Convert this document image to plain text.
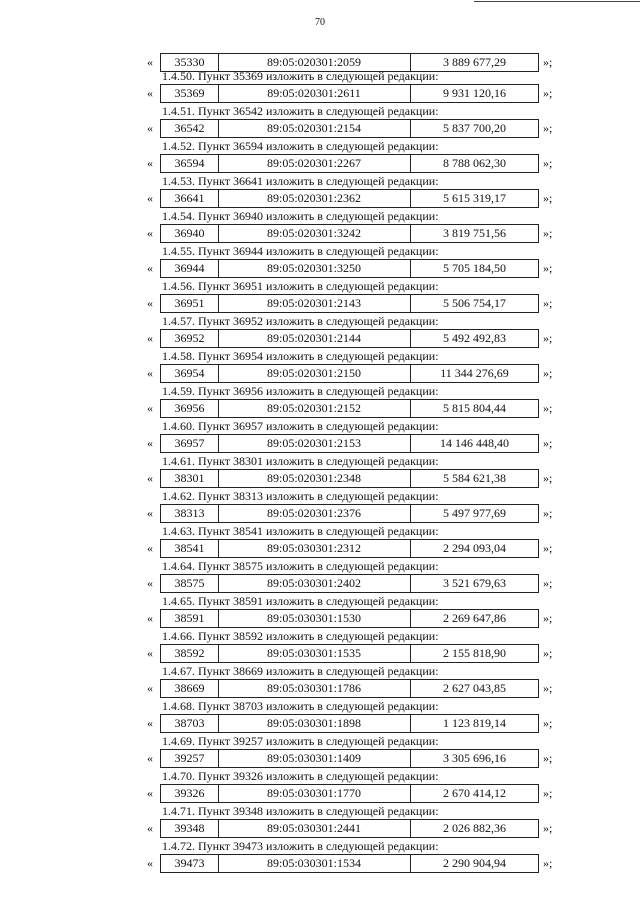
70
«	35330	89:05:020301:2059	3 889 677,29	»;
1.4.50. Пункт 35369 изложить в следующей редакции:
«	35369	89:05:020301:2611	9 931 120,16	»;
1.4.51. Пункт 36542 изложить в следующей редакции:
«	36542	89:05:020301:2154	5 837 700,20	»;
1.4.52. Пункт 36594 изложить в следующей редакции:
«	36594	89:05:020301:2267	8 788 062,30	»;
1.4.53. Пункт 36641 изложить в следующей редакции:
«	36641	89:05:020301:2362	5 615 319,17	»;
1.4.54. Пункт 36940 изложить в следующей редакции:
«	36940	89:05:020301:3242	3 819 751,56	»;
1.4.55. Пункт 36944 изложить в следующей редакции:
«	36944	89:05:020301:3250	5 705 184,50	»;
1.4.56. Пункт 36951 изложить в следующей редакции:
«	36951	89:05:020301:2143	5 506 754,17	»;
1.4.57. Пункт 36952 изложить в следующей редакции:
«	36952	89:05:020301:2144	5 492 492,83	»;
1.4.58. Пункт 36954 изложить в следующей редакции:
«	36954	89:05:020301:2150	11 344 276,69	»;
1.4.59. Пункт 36956 изложить в следующей редакции:
«	36956	89:05:020301:2152	5 815 804,44	»;
1.4.60. Пункт 36957 изложить в следующей редакции:
«	36957	89:05:020301:2153	14 146 448,40	»;
1.4.61. Пункт 38301 изложить в следующей редакции:
«	38301	89:05:020301:2348	5 584 621,38	»;
1.4.62. Пункт 38313 изложить в следующей редакции:
«	38313	89:05:020301:2376	5 497 977,69	»;
1.4.63. Пункт 38541 изложить в следующей редакции:
«	38541	89:05:030301:2312	2 294 093,04	»;
1.4.64. Пункт 38575 изложить в следующей редакции:
«	38575	89:05:030301:2402	3 521 679,63	»;
1.4.65. Пункт 38591 изложить в следующей редакции:
«	38591	89:05:030301:1530	2 269 647,86	»;
1.4.66. Пункт 38592 изложить в следующей редакции:
«	38592	89:05:030301:1535	2 155 818,90	»;
1.4.67. Пункт 38669 изложить в следующей редакции:
«	38669	89:05:030301:1786	2 627 043,85	»;
1.4.68. Пункт 38703 изложить в следующей редакции:
«	38703	89:05:030301:1898	1 123 819,14	»;
1.4.69. Пункт 39257 изложить в следующей редакции:
«	39257	89:05:030301:1409	3 305 696,16	»;
1.4.70. Пункт 39326 изложить в следующей редакции:
«	39326	89:05:030301:1770	2 670 414,12	»;
1.4.71. Пункт 39348 изложить в следующей редакции:
«	39348	89:05:030301:2441	2 026 882,36	»;
1.4.72. Пункт 39473 изложить в следующей редакции:
«	39473	89:05:030301:1534	2 290 904,94	»;
